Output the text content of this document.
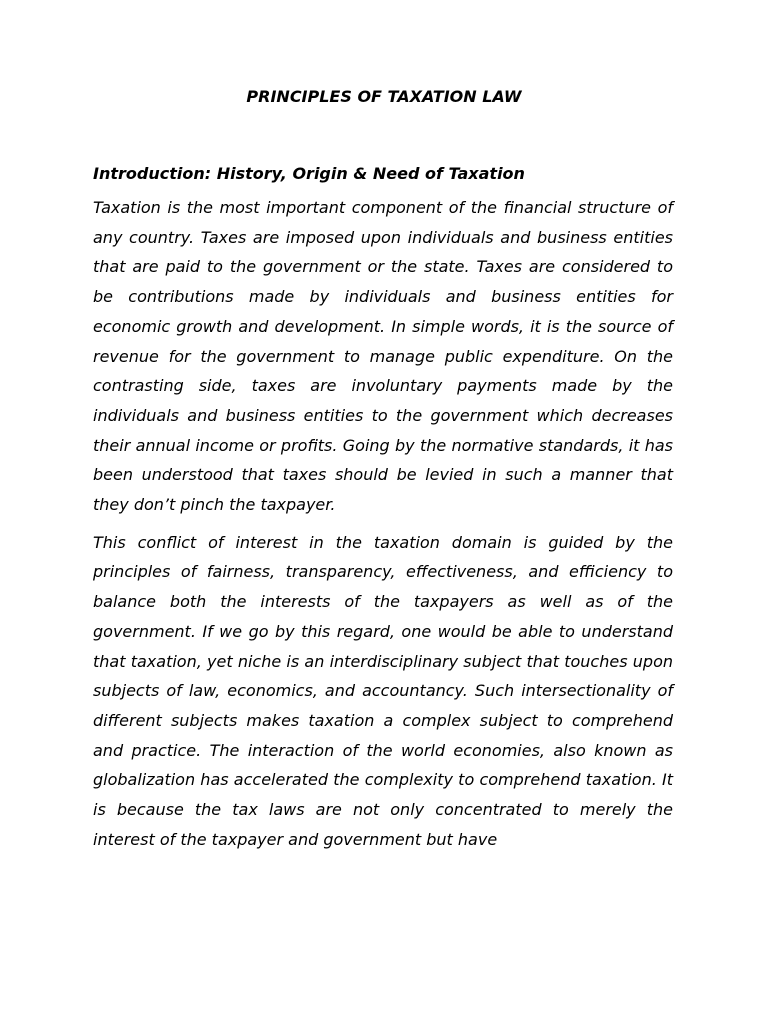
PRINCIPLES OF TAXATION LAW
Introduction: History, Origin & Need of Taxation

Taxation is the most important component of the financial structure of any country. Taxes are imposed upon individuals and business entities that are paid to the government or the state. Taxes are considered to be contributions made by individuals and business entities for economic growth and development. In simple words, it is the source of revenue for the government to manage public expenditure. On the contrasting side, taxes are involuntary payments made by the individuals and business entities to the government which decreases their annual income or profits. Going by the normative standards, it has been understood that taxes should be levied in such a manner that they don’t pinch the taxpayer.

This conflict of interest in the taxation domain is guided by the principles of fairness, transparency, effectiveness, and efficiency to balance both the interests of the taxpayers as well as of the government. If we go by this regard, one would be able to understand that taxation, yet niche is an interdisciplinary subject that touches upon subjects of law, economics, and accountancy. Such intersectionality of different subjects makes taxation a complex subject to comprehend and practice. The interaction of the world economies, also known as globalization has accelerated the complexity to comprehend taxation. It is because the tax laws are not only concentrated to merely the interest of the taxpayer and government but have
